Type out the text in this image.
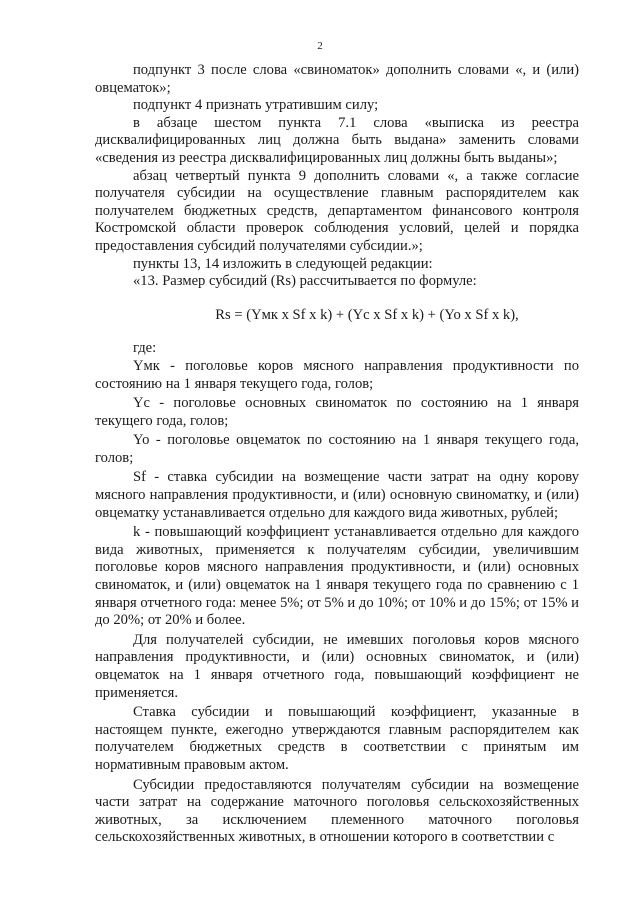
2

подпункт 3 после слова «свиноматок» дополнить словами «, и (или) овцематок»;

подпункт 4 признать утратившим силу;

в абзаце шестом пункта 7.1 слова «выписка из реестра дисквалифицированных лиц должна быть выдана» заменить словами «сведения из реестра дисквалифицированных лиц должны быть выданы»;

абзац четвертый пункта 9 дополнить словами «, а также согласие получателя субсидии на осуществление главным распорядителем как получателем бюджетных средств, департаментом финансового контроля Костромской области проверок соблюдения условий, целей и порядка предоставления субсидий получателями субсидии.»;

пункты 13, 14 изложить в следующей редакции:

«13. Размер субсидий (Rs) рассчитывается по формуле:

Rs = (Yмк x Sf x k) + (Yc x Sf x k) + (Yo x Sf x k),

где:

Yмк - поголовье коров мясного направления продуктивности по состоянию на 1 января текущего года, голов;

Yc - поголовье основных свиноматок по состоянию на 1 января текущего года, голов;

Yo - поголовье овцематок по состоянию на 1 января текущего года, голов;

Sf - ставка субсидии на возмещение части затрат на одну корову мясного направления продуктивности, и (или) основную свиноматку, и (или) овцематку устанавливается отдельно для каждого вида животных, рублей;

k - повышающий коэффициент устанавливается отдельно для каждого вида животных, применяется к получателям субсидии, увеличившим поголовье коров мясного направления продуктивности, и (или) основных свиноматок, и (или) овцематок на 1 января текущего года по сравнению с 1 января отчетного года: менее 5%; от 5% и до 10%; от 10% и до 15%; от 15% и до 20%; от 20% и более.

Для получателей субсидии, не имевших поголовья коров мясного направления продуктивности, и (или) основных свиноматок, и (или) овцематок на 1 января отчетного года, повышающий коэффициент не применяется.

Ставка субсидии и повышающий коэффициент, указанные в настоящем пункте, ежегодно утверждаются главным распорядителем как получателем бюджетных средств в соответствии с принятым им нормативным правовым актом.

Субсидии предоставляются получателям субсидии на возмещение части затрат на содержание маточного поголовья сельскохозяйственных животных, за исключением племенного маточного поголовья сельскохозяйственных животных, в отношении которого в соответствии с
